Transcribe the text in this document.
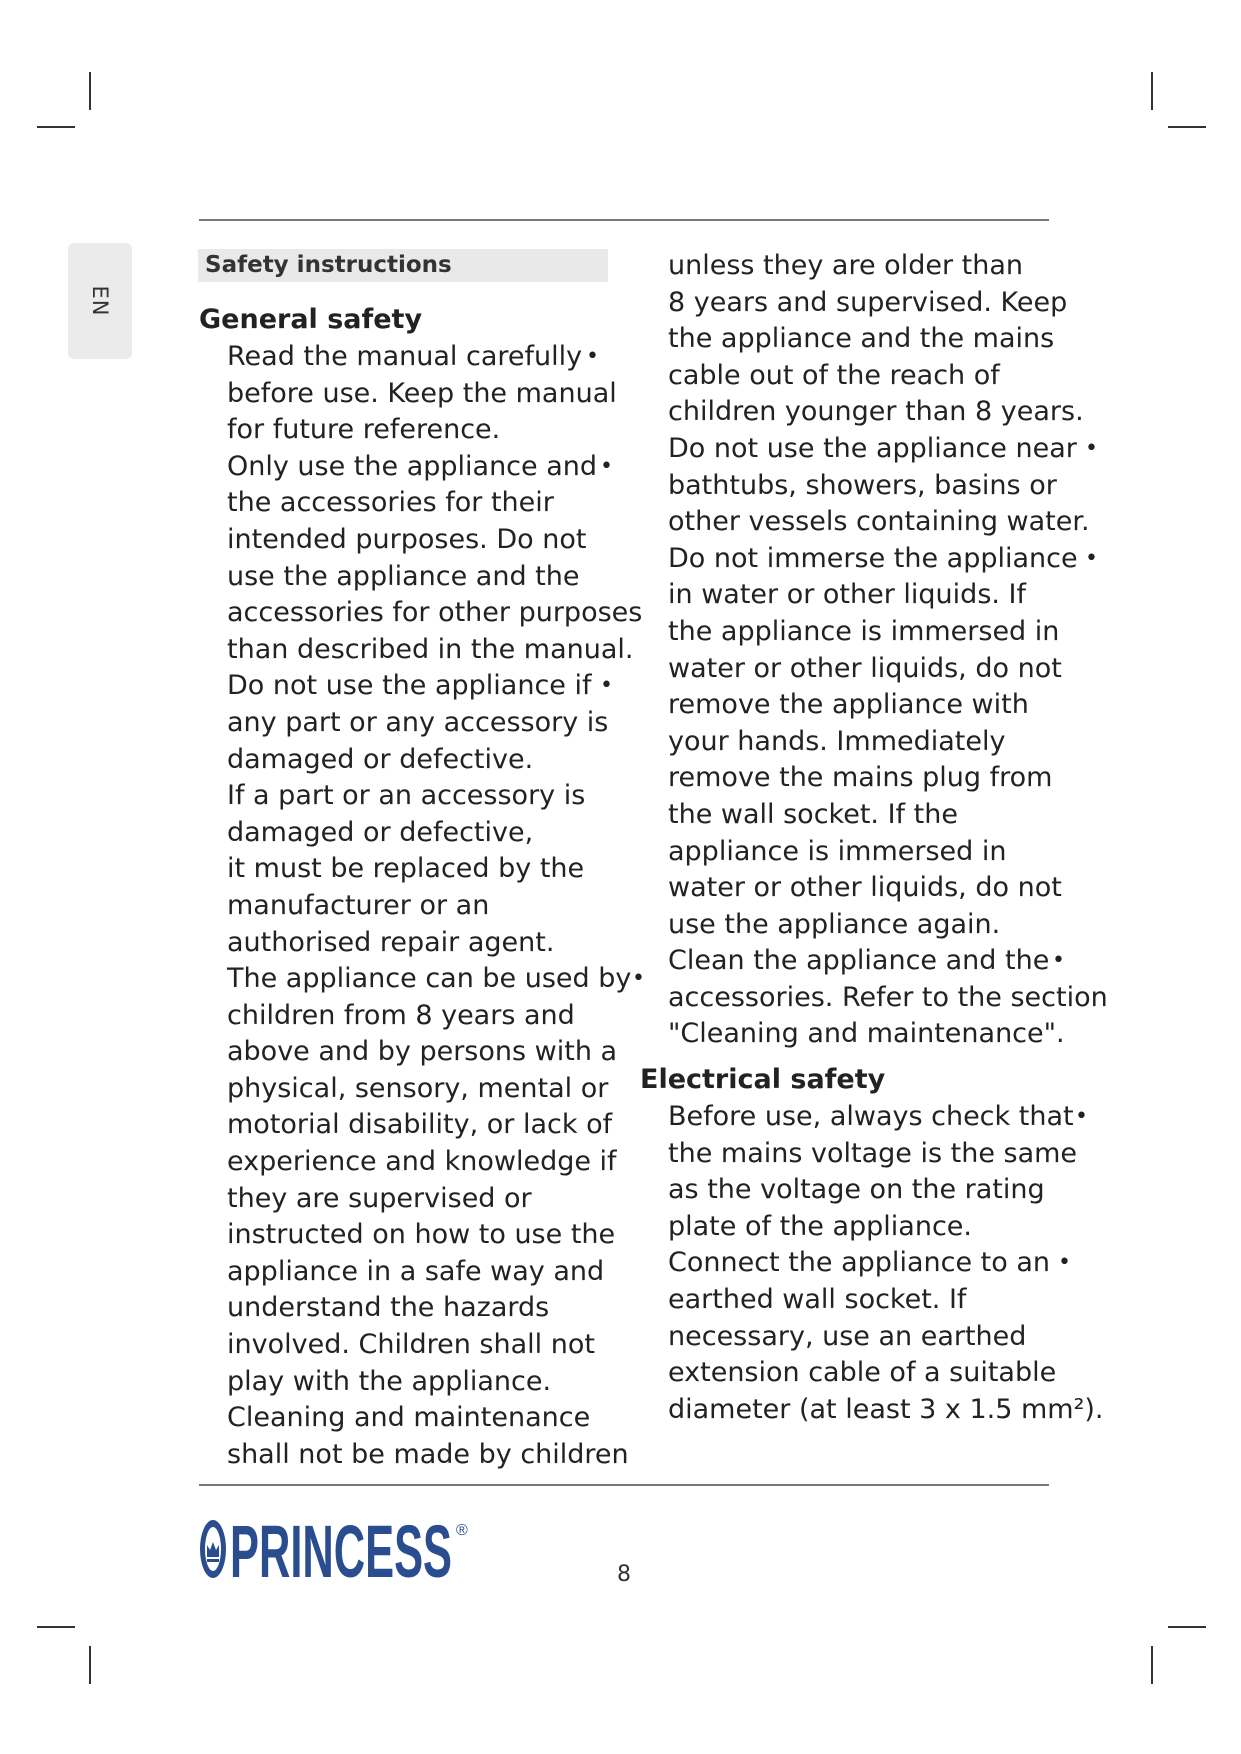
EN
Safety instructions
General safety
Read the manual carefully •
before use. Keep the manual
for future reference.
Only use the appliance and •
the accessories for their
intended purposes. Do not
use the appliance and the
accessories for other purposes
than described in the manual.
Do not use the appliance if •
any part or any accessory is
damaged or defective.
If a part or an accessory is
damaged or defective,
it must be replaced by the
manufacturer or an
authorised repair agent.
The appliance can be used by •
children from 8 years and
above and by persons with a
physical, sensory, mental or
motorial disability, or lack of
experience and knowledge if
they are supervised or
instructed on how to use the
appliance in a safe way and
understand the hazards
involved. Children shall not
play with the appliance.
Cleaning and maintenance
shall not be made by children
unless they are older than
8 years and supervised. Keep
the appliance and the mains
cable out of the reach of
children younger than 8 years.
Do not use the appliance near •
bathtubs, showers, basins or
other vessels containing water.
Do not immerse the appliance •
in water or other liquids. If
the appliance is immersed in
water or other liquids, do not
remove the appliance with
your hands. Immediately
remove the mains plug from
the wall socket. If the
appliance is immersed in
water or other liquids, do not
use the appliance again.
Clean the appliance and the •
accessories. Refer to the section
"Cleaning and maintenance".
Electrical safety
Before use, always check that •
the mains voltage is the same
as the voltage on the rating
plate of the appliance.
Connect the appliance to an •
earthed wall socket. If
necessary, use an earthed
extension cable of a suitable
diameter (at least 3 x 1.5 mm²).
PRINCESS ®
8
